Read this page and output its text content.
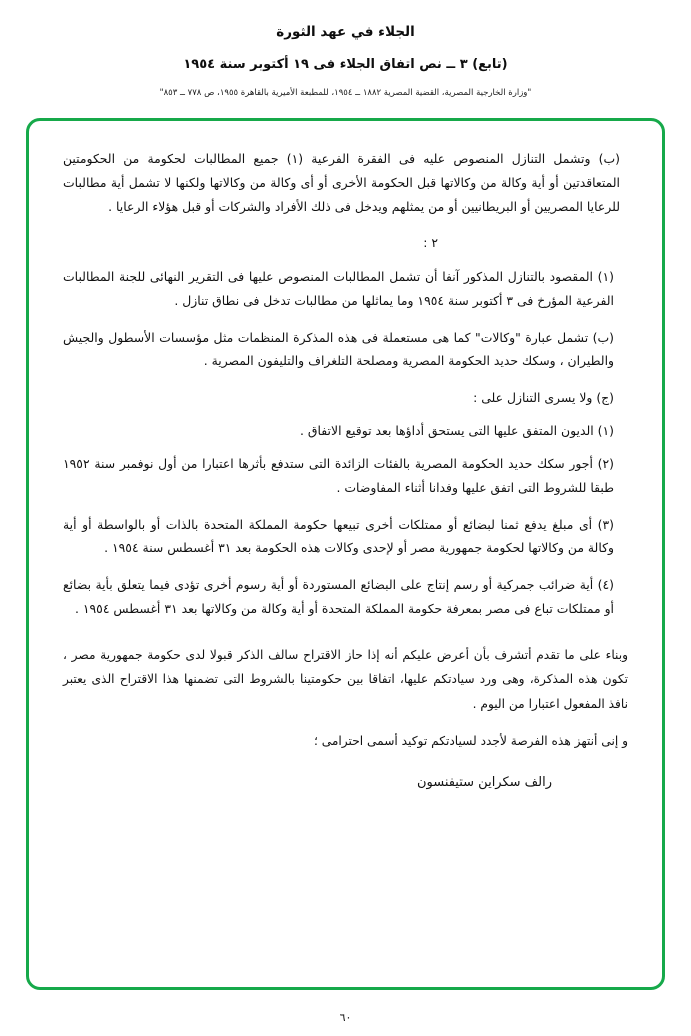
الجلاء في عهد الثورة
(تابع) ٣ ــ نص اتفاق الجلاء فى ١٩ أكتوبر سنة ١٩٥٤
"وزارة الخارجية المصرية، القضية المصرية ١٨٨٢ ــ ١٩٥٤، للمطبعة الأميرية بالقاهرة ١٩٥٥، ص ٧٧٨ ــ ٨٥٣"

(ب) وتشمل التنازل المنصوص عليه فى الفقرة الفرعية (١) جميع المطالبات لحكومة من الحكومتين المتعاقدتين أو أية وكالة من وكالاتها قبل الحكومة الأخرى أو أى وكالة من وكالاتها ولكنها لا تشمل أية مطالبات للرعايا المصريين أو البريطانيين أو من يمثلهم ويدخل فى ذلك الأفراد والشركات أو قبل هؤلاء الرعايا .

٢ :

(١) المقصود بالتنازل المذكور آنفا أن تشمل المطالبات المنصوص عليها فى التقرير النهائى للجنة المطالبات الفرعية المؤرخ فى ٣ أكتوبر سنة ١٩٥٤ وما يماثلها من مطالبات تدخل فى نطاق تنازل .

(ب) تشمل عبارة "وكالات" كما هى مستعملة فى هذه المذكرة المنظمات مثل مؤسسات الأسطول والجيش والطيران ، وسكك حديد الحكومة المصرية ومصلحة التلغراف والتليفون المصرية .

(ج) ولا يسرى التنازل على :

(١) الديون المتفق عليها التى يستحق أداؤها بعد توقيع الاتفاق .

(٢) أجور سكك حديد الحكومة المصرية بالفئات الزائدة التى ستدفع بأثرها اعتبارا من أول نوفمبر سنة ١٩٥٢ طبقا للشروط التى اتفق عليها وفدانا أثناء المفاوضات .

(٣) أى مبلغ يدفع ثمنا لبضائع أو ممتلكات أخرى تبيعها حكومة المملكة المتحدة بالذات أو بالواسطة أو أية وكالة من وكالاتها لحكومة جمهورية مصر أو لإحدى وكالات هذه الحكومة بعد ٣١ أغسطس سنة ١٩٥٤ .

(٤) أية ضرائب جمركية أو رسم إنتاج على البضائع المستوردة أو أية رسوم أخرى تؤدى فيما يتعلق بأية بضائع أو ممتلكات تباع فى مصر بمعرفة حكومة المملكة المتحدة أو أية وكالة من وكالاتها بعد ٣١ أغسطس ١٩٥٤ .

وبناء على ما تقدم أتشرف بأن أعرض عليكم أنه إذا حاز الاقتراح سالف الذكر قبولا لدى حكومة جمهورية مصر ، تكون هذه المذكرة، وهى ورد سيادتكم عليها، اتفاقا بين حكومتينا بالشروط التى تضمنها هذا الاقتراح الذى يعتبر نافذ المفعول اعتبارا من اليوم .

و إنى أنتهز هذه الفرصة لأجدد لسيادتكم توكيد أسمى احترامى ؛

رالف سكراين ستيفنسون
٦٠
